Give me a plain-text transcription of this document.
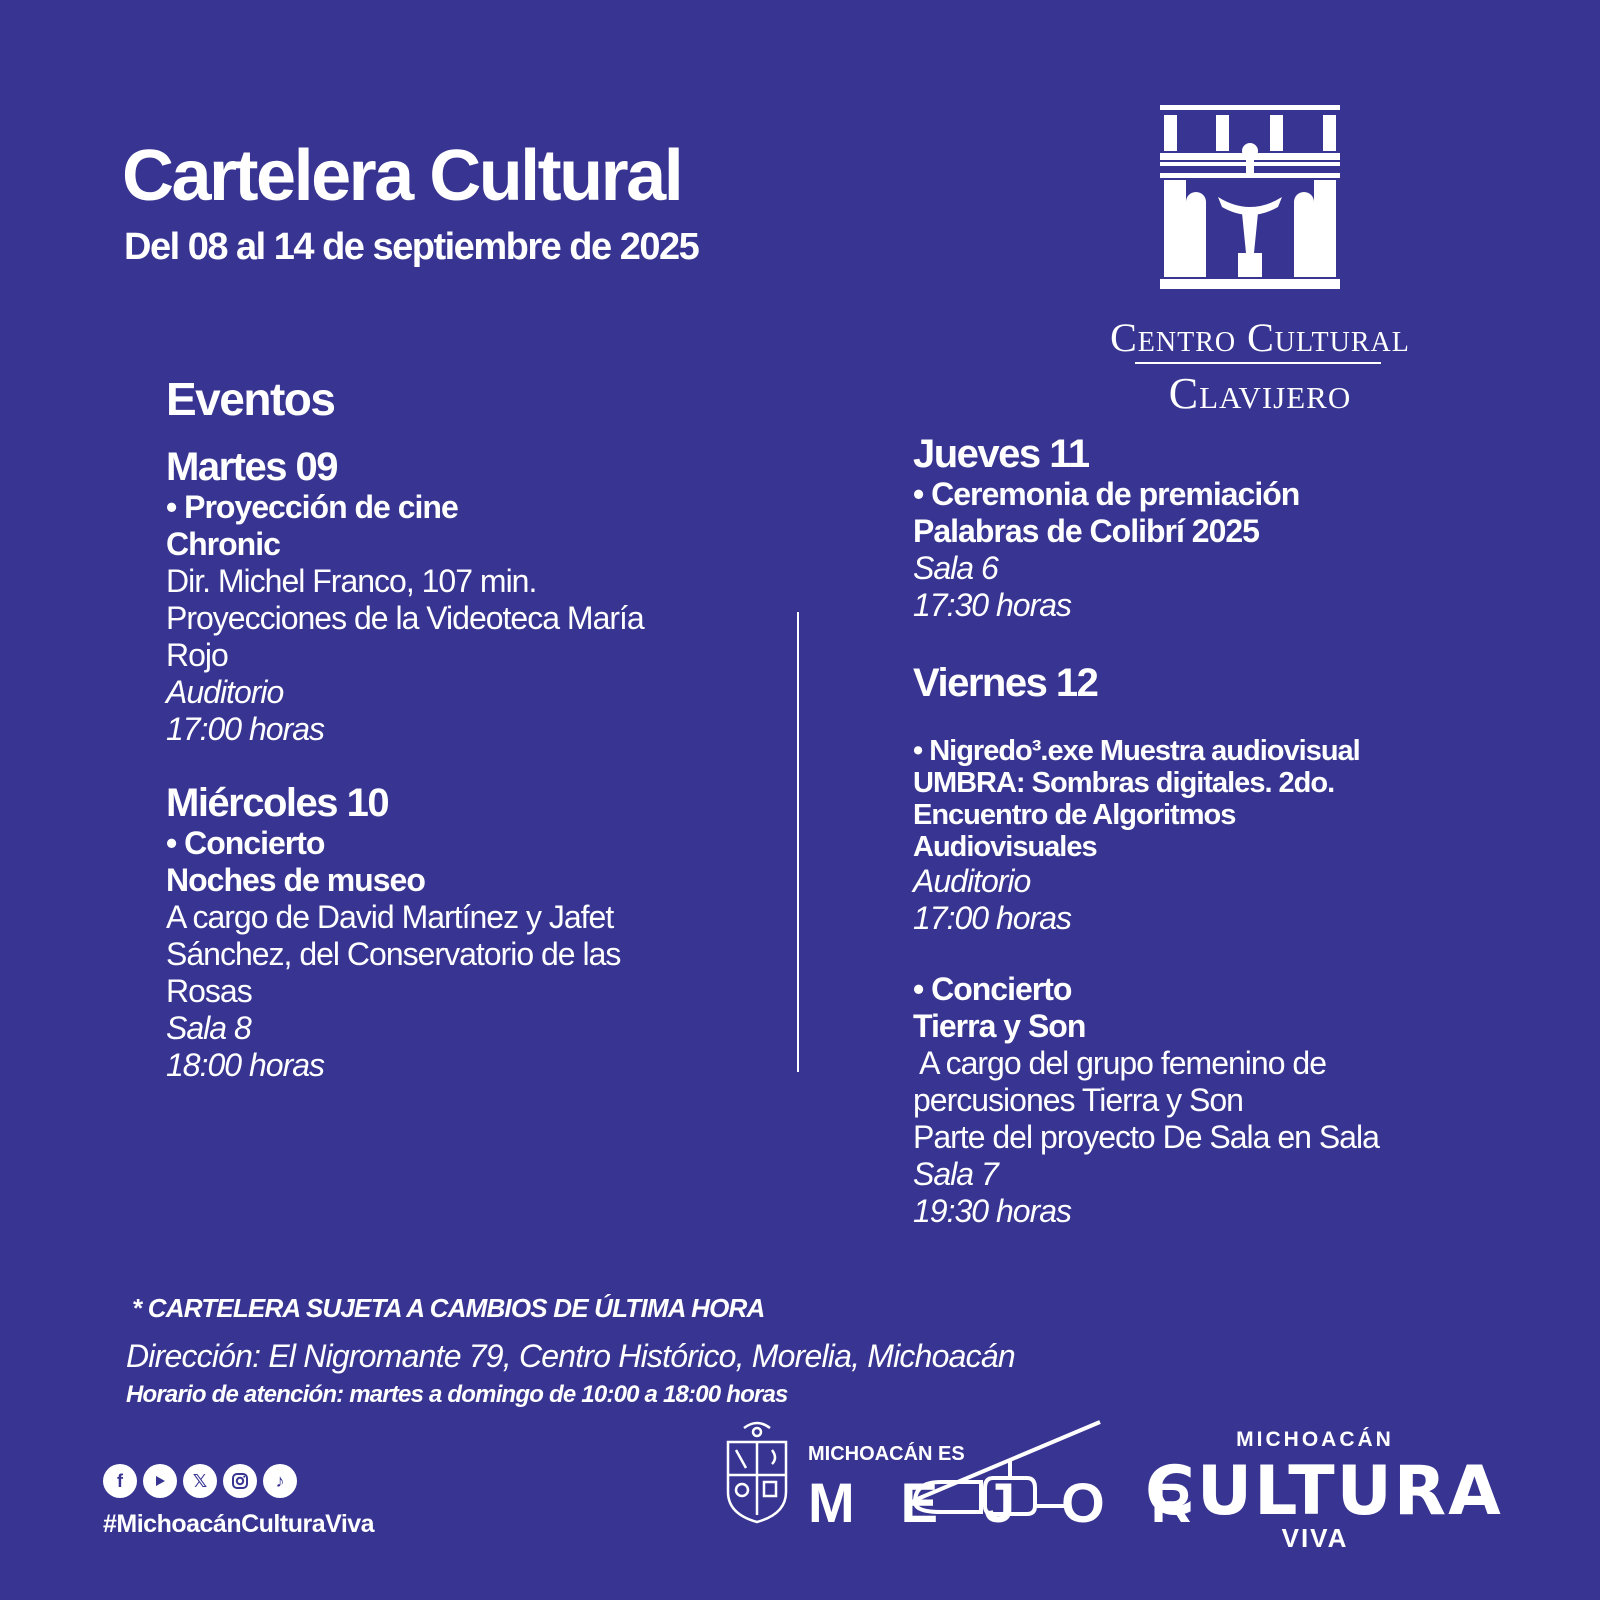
Cartelera Cultural
Del 08 al 14 de septiembre de 2025
Centro Cultural
Clavijero
Eventos
Martes 09
• Proyección de cine
Chronic
Dir. Michel Franco, 107 min.
Proyecciones de la Videoteca María
Rojo
Auditorio
17:00 horas
Miércoles 10
• Concierto
Noches de museo
A cargo de David Martínez y Jafet
Sánchez, del Conservatorio de las
Rosas
Sala 8
18:00 horas
Jueves 11
• Ceremonia de premiación
Palabras de Colibrí 2025
Sala 6
17:30 horas
Viernes 12
• Nigredo³.exe Muestra audiovisual
UMBRA: Sombras digitales. 2do.
Encuentro de Algoritmos
Audiovisuales
Auditorio
17:00 horas
• Concierto
Tierra y Son
A cargo del grupo femenino de
percusiones Tierra y Son
Parte del proyecto De Sala en Sala
Sala 7
19:30 horas
* CARTELERA SUJETA A CAMBIOS DE ÚLTIMA HORA
Dirección: El Nigromante 79, Centro Histórico, Morelia, Michoacán
Horario de atención: martes a domingo de 10:00 a 18:00 horas
f	𝕏	♪
#MichoacánCulturaViva
MICHOACÁN ES
MEJOR
MICHOACÁN
CULTURA
VIVA
